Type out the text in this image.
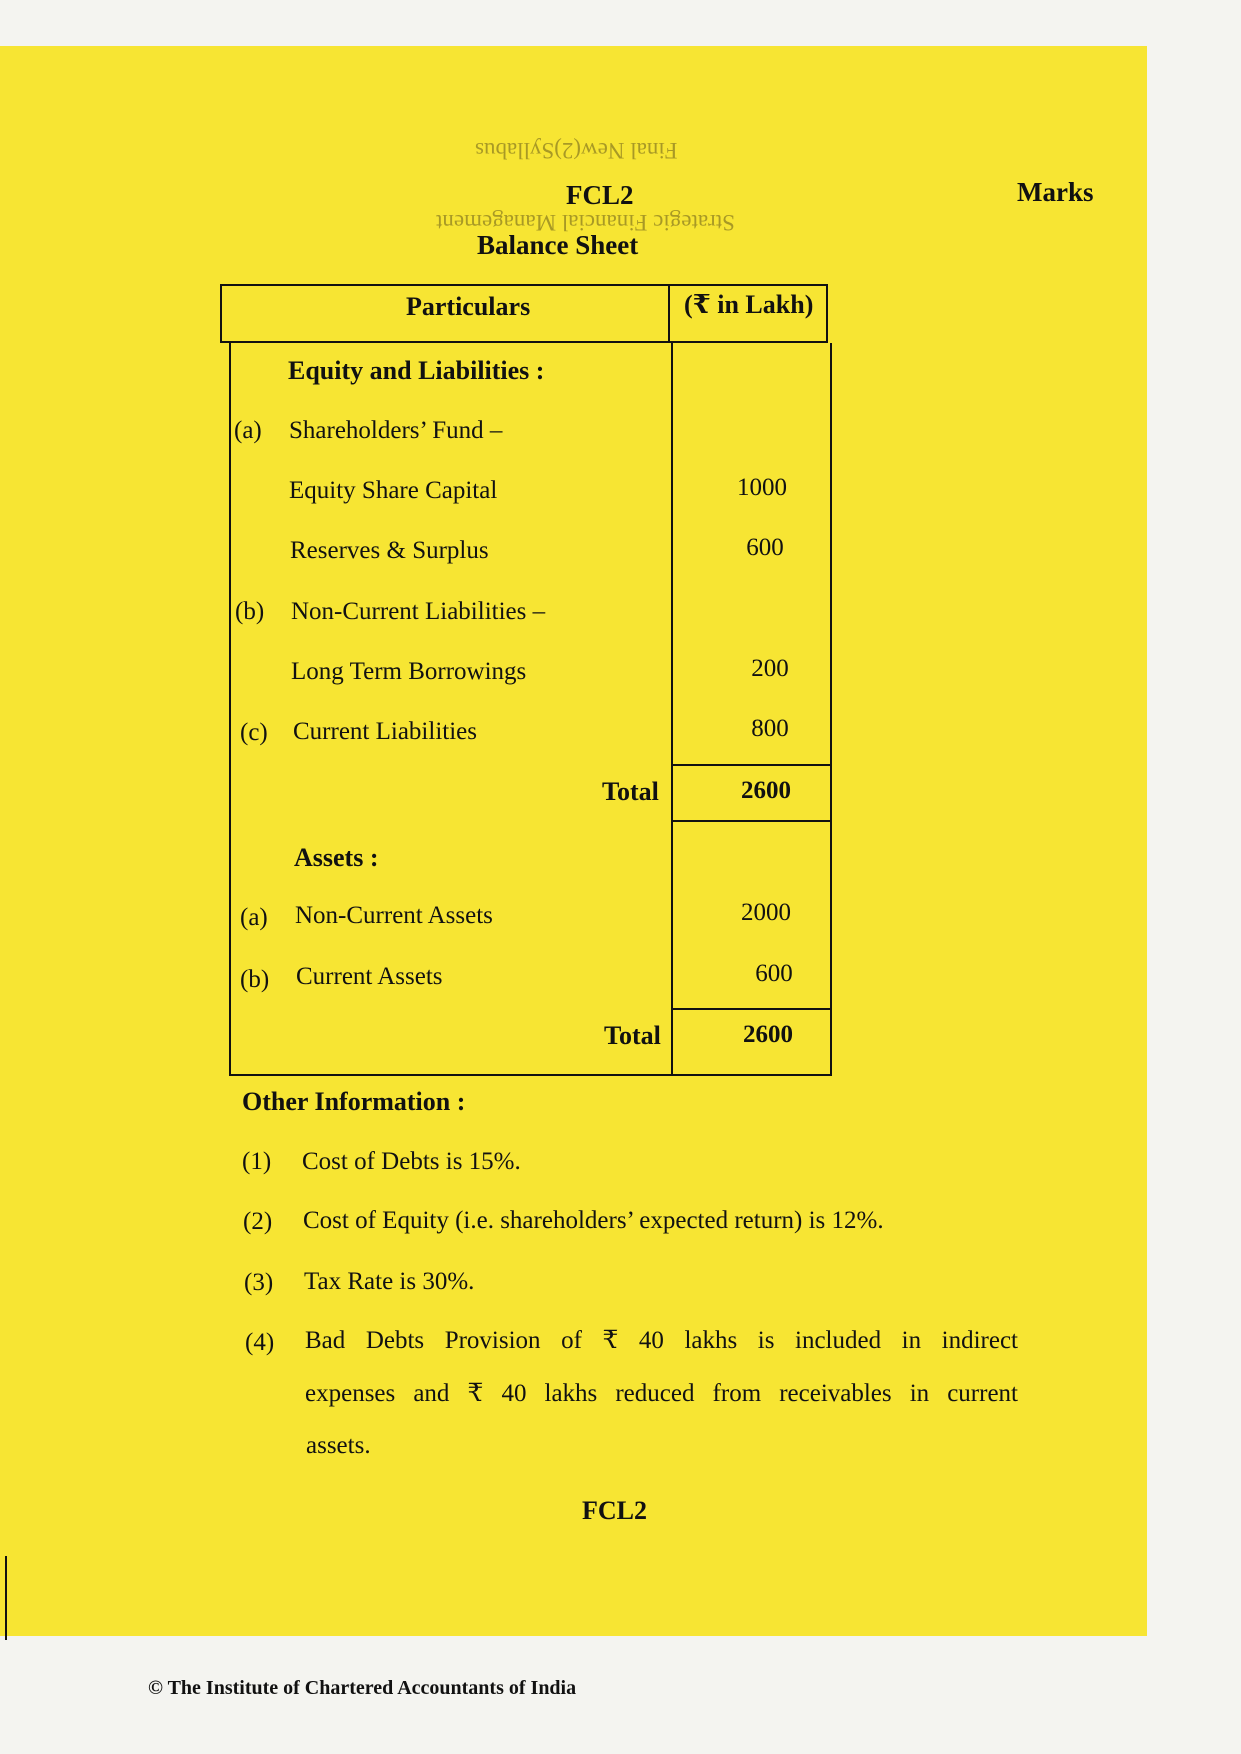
Final New(2)Syllabus
FCL2	Marks
Strategic Financial Management
Balance Sheet
Particulars	(₹ in Lakh)
Equity and Liabilities :
(a) Shareholders’ Fund –
Equity Share Capital	1000
Reserves & Surplus	600
(b) Non-Current Liabilities –
Long Term Borrowings	200
(c) Current Liabilities	800
Total	2600
Assets :
(a) Non-Current Assets	2000
(b) Current Assets	600
Total	2600
Other Information :
(1) Cost of Debts is 15%.
(2) Cost of Equity (i.e. shareholders’ expected return) is 12%.
(3) Tax Rate is 30%.
(4) Bad Debts Provision of ₹ 40 lakhs is included in indirect
expenses and ₹ 40 lakhs reduced from receivables in current
assets.
FCL2
© The Institute of Chartered Accountants of India
